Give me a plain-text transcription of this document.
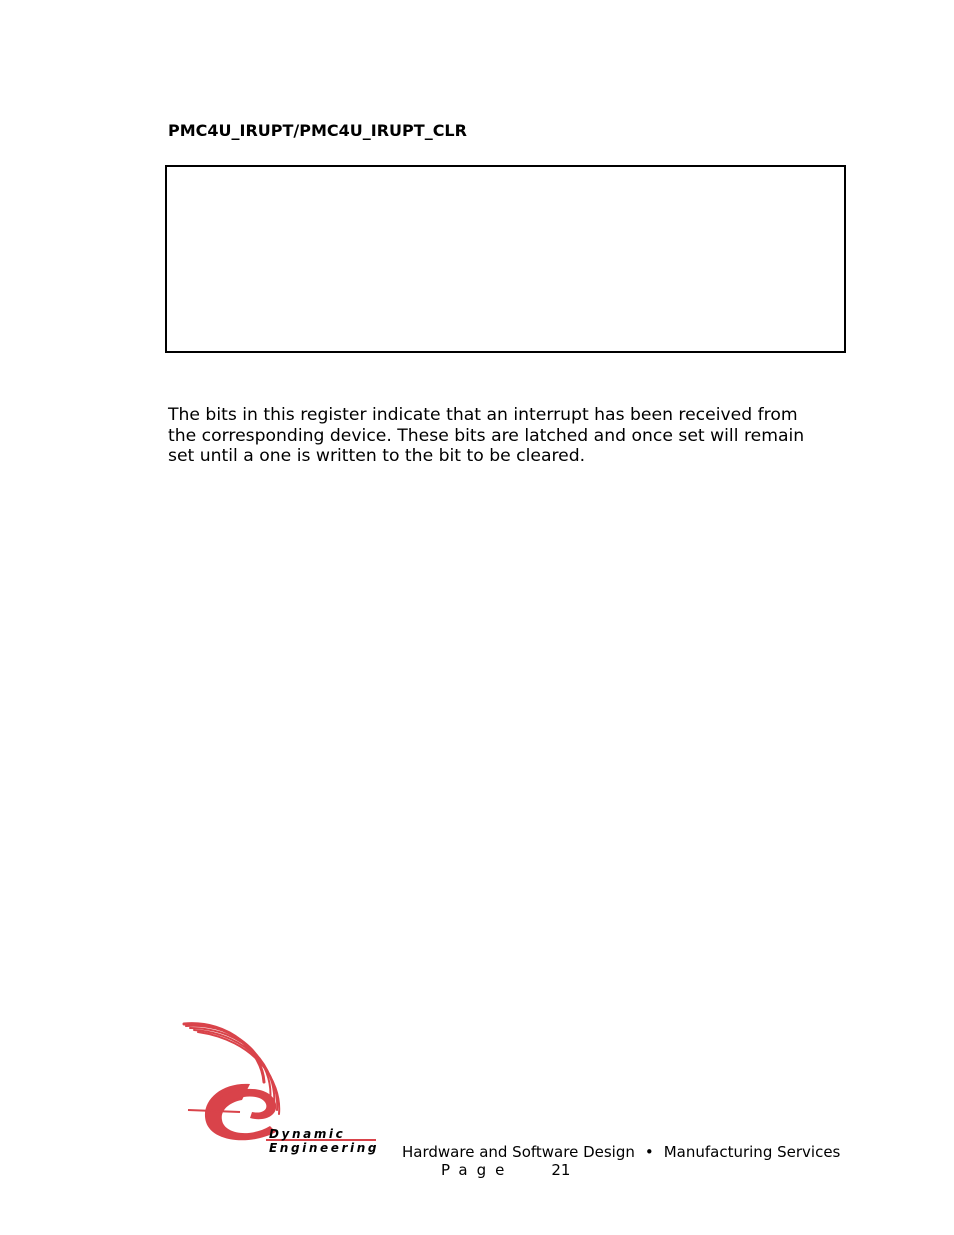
PMC4U_IRUPT/PMC4U_IRUPT_CLR
The bits in this register indicate that an interrupt has been received from
the corresponding device. These bits are latched and once set will remain
set until a one is written to the bit to be cleared.
Dynamic
Engineering Hardware and Software Design • Manufacturing Services
Page	21
